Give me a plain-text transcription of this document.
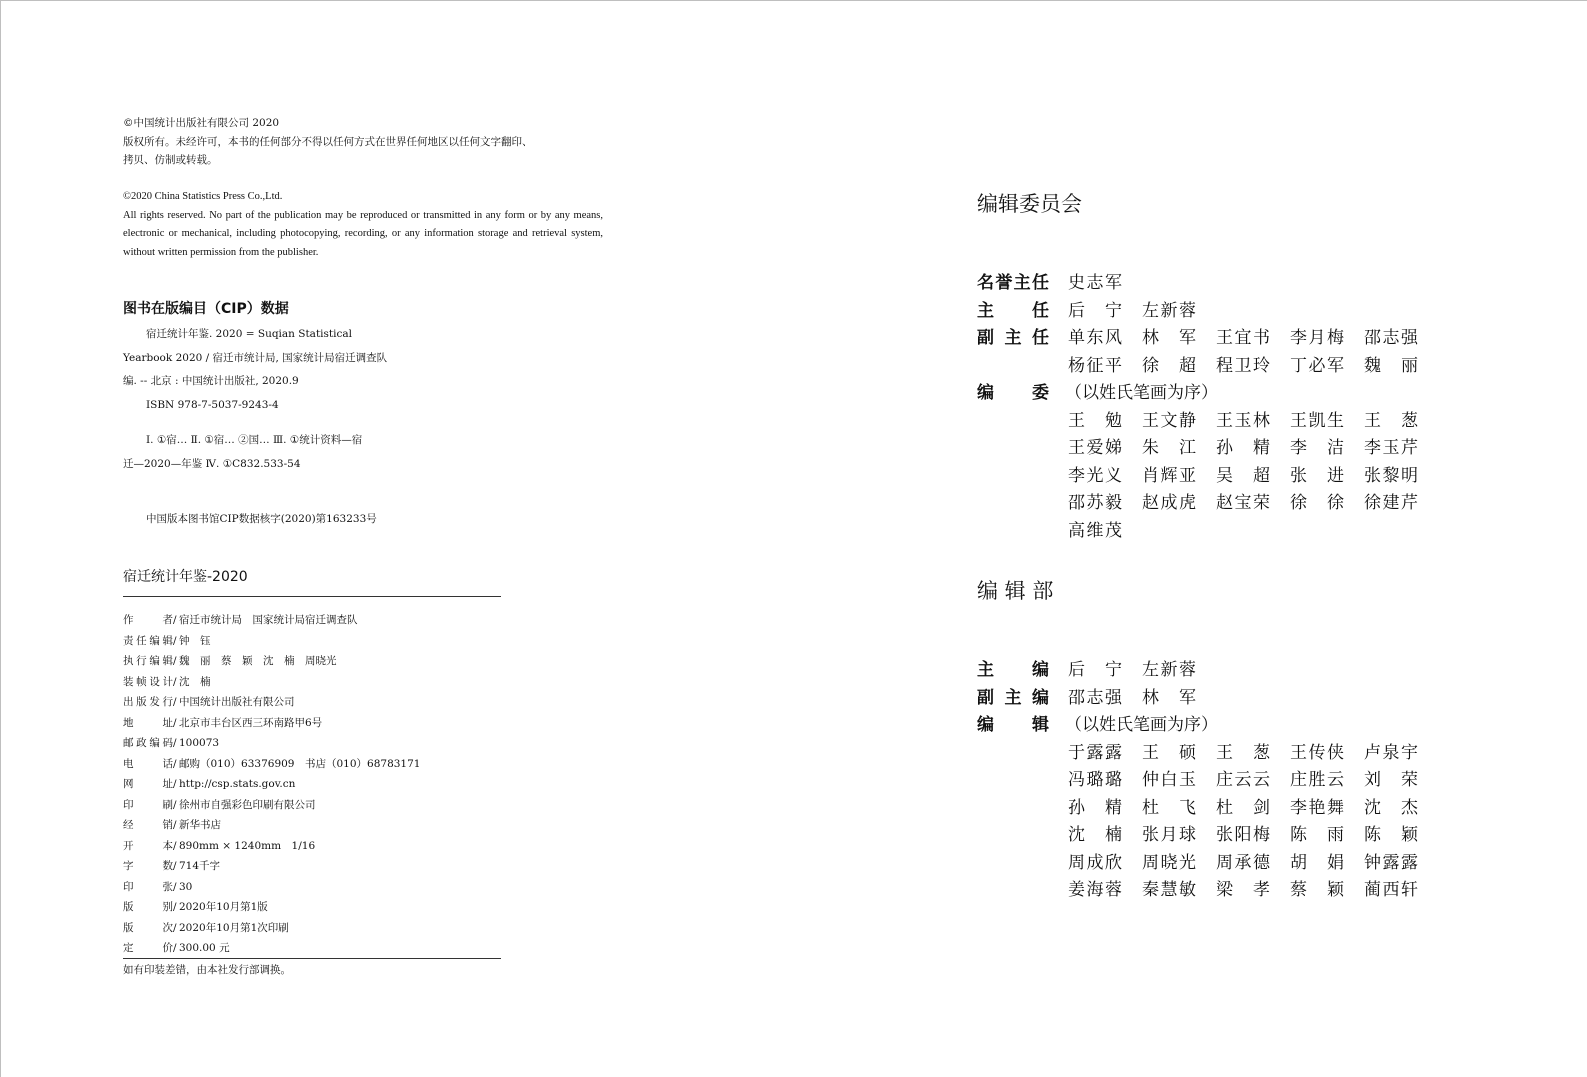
©中国统计出版社有限公司 2020
版权所有。未经许可，本书的任何部分不得以任何方式在世界任何地区以任何文字翻印、
拷贝、仿制或转载。
©2020 China Statistics Press Co.,Ltd.
All rights reserved. No part of the publication may be reproduced or transmitted in any form or by any means, electronic or mechanical, including photocopying, recording, or any information storage and retrieval system, without written permission from the publisher.
图书在版编目（CIP）数据
宿迁统计年鉴. 2020 = Suqian Statistical
Yearbook 2020 / 宿迁市统计局, 国家统计局宿迁调查队
编. -- 北京 : 中国统计出版社, 2020.9
ISBN 978-7-5037-9243-4
Ⅰ. ①宿… Ⅱ. ①宿… ②国… Ⅲ. ①统计资料—宿
迁—2020—年鉴 Ⅳ. ①C832.533-54
中国版本图书馆CIP数据核字(2020)第163233号
宿迁统计年鉴-2020
作者/ 宿迁市统计局　国家统计局宿迁调查队
责任编辑/ 钟　钰
执行编辑/ 魏　丽　蔡　颖　沈　楠　周晓光
装帧设计/ 沈　楠
出版发行/ 中国统计出版社有限公司
地址/ 北京市丰台区西三环南路甲6号
邮政编码/ 100073
电话/ 邮购（010）63376909　书店（010）68783171
网址/ http://csp.stats.gov.cn
印刷/ 徐州市自强彩色印刷有限公司
经销/ 新华书店
开本/ 890mm × 1240mm　1/16
字数/ 714千字
印张/ 30
版别/ 2020年10月第1版
版次/ 2020年10月第1次印刷
定价/ 300.00 元
如有印装差错，由本社发行部调换。
编辑委员会
名誉主任 史志军
主任 后宁 左新蓉
副主任 单东风 林军 王宜书 李月梅 邵志强
杨征平 徐超 程卫玲 丁必军 魏丽
编委 （以姓氏笔画为序）
王勉 王文静 王玉林 王凯生 王葱
王爱娣 朱江 孙精 李洁 李玉芹
李光义 肖辉亚 吴超 张进 张黎明
邵苏毅 赵成虎 赵宝荣 徐徐 徐建芹
高维茂
编 辑 部
主编 后宁 左新蓉
副主编 邵志强 林军
编辑 （以姓氏笔画为序）
于露露 王硕 王葱 王传侠 卢泉宇
冯璐璐 仲白玉 庄云云 庄胜云 刘荣
孙精 杜飞 杜剑 李艳舞 沈杰
沈楠 张月球 张阳梅 陈雨 陈颖
周成欣 周晓光 周承德 胡娟 钟露露
姜海蓉 秦慧敏 梁孝 蔡颖 蔺西轩
